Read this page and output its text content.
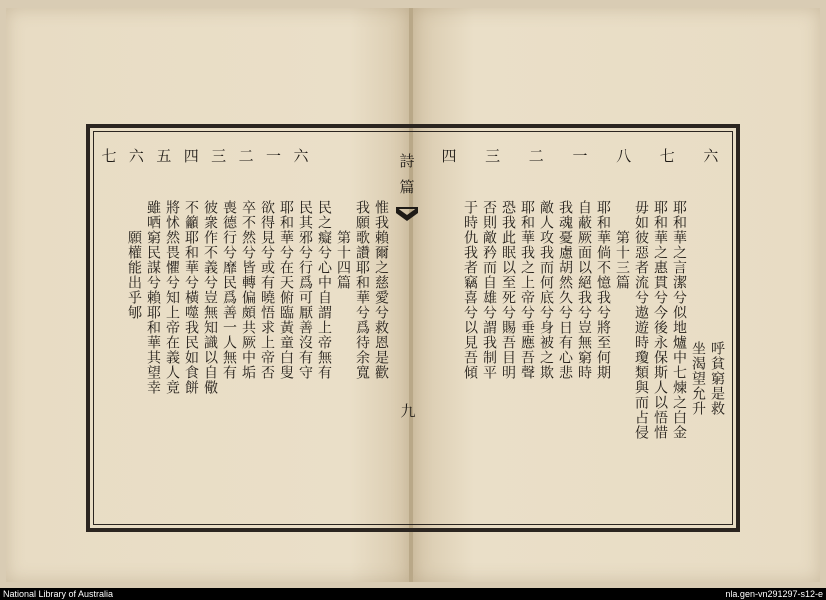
七 六 五 四 三 二 一 六	四 三 二 一 八 七 六
詩
篇
九	呼貧窮是救
坐渴望允升
耶和華之言潔兮似地爐中七煉之白金
耶和華之惠貫兮今後永保斯人以悟惜
毋如彼惡者流兮遨遊時瓊類與而占侵
第十三篇
耶和華倘不憶我兮將至何期
自蔽厥面以絕我兮豈無窮時
我魂憂慮胡然久兮日有心悲
敵人攻我而何底兮身被之欺
耶和華我之上帝兮垂應吾聲
恐我此眠以至死兮賜吾目明
否則敵矜而自雄兮謂我制平
于時仇我者竊喜兮以見吾傾
惟我賴爾之慈愛兮救恩是歡
我願歌讚耶和華兮爲待余寬
第十四篇
民之癡兮心中自謂上帝無有
民其邪兮行爲可厭善沒有守
耶和華兮在天俯臨黃童白叟
欲得見兮或有曉悟求上帝否
卒不然兮皆轉偏頗共厥中垢
喪德行兮靡民爲善一人無有
彼衆作不義兮豈無知識以自儆
不籲耶和華兮橫噬我民如食餅
將怵然畏懼兮知上帝在義人竟
雖哂窮民謀兮賴耶和華其望幸
願權能出乎郇
National Library of Australia	nla.gen-vn291297-s12-e
